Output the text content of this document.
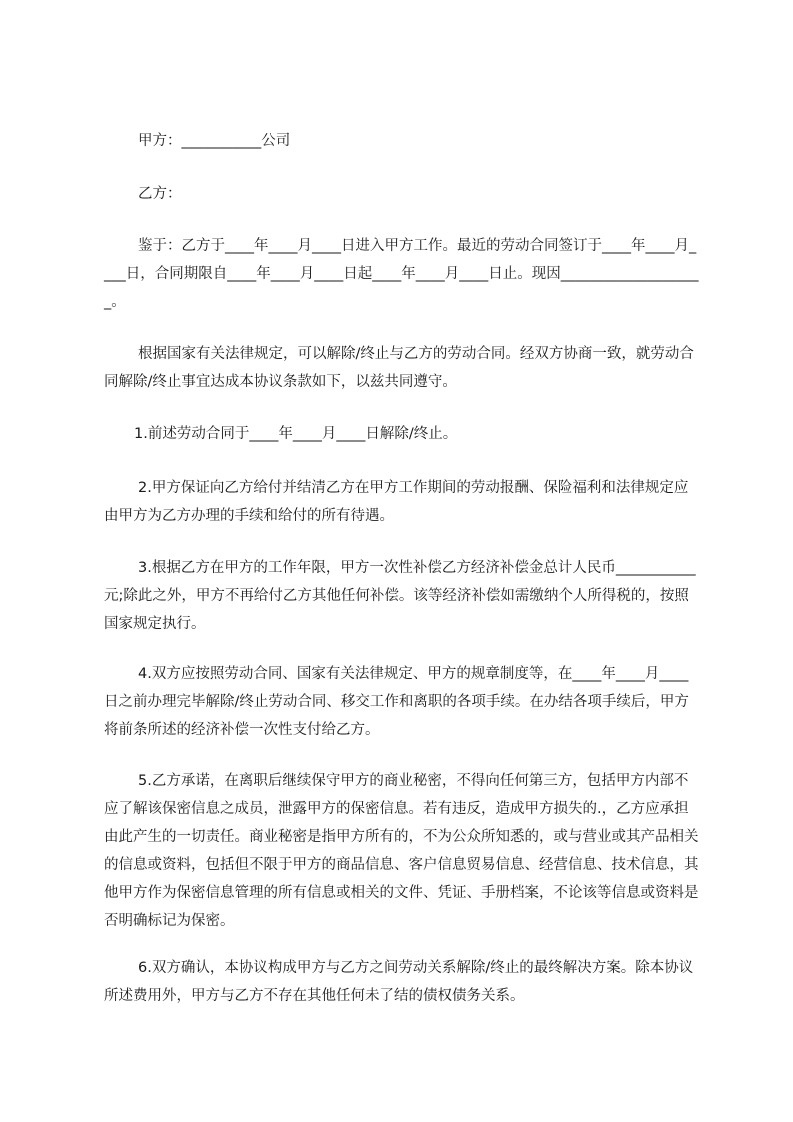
甲方：___________公司

乙方：

鉴于：乙方于____年____月____日进入甲方工作。最近的劳动合同签订于____年____月____日，合同期限自____年____月____日起____年____月____日止。现因____________________。

根据国家有关法律规定，可以解除/终止与乙方的劳动合同。经双方协商一致，就劳动合同解除/终止事宜达成本协议条款如下，以兹共同遵守。

1.前述劳动合同于____年____月____日解除/终止。

2.甲方保证向乙方给付并结清乙方在甲方工作期间的劳动报酬、保险福利和法律规定应由甲方为乙方办理的手续和给付的所有待遇。

3.根据乙方在甲方的工作年限，甲方一次性补偿乙方经济补偿金总计人民币___________元;除此之外，甲方不再给付乙方其他任何补偿。该等经济补偿如需缴纳个人所得税的，按照国家规定执行。

4.双方应按照劳动合同、国家有关法律规定、甲方的规章制度等，在____年____月____日之前办理完毕解除/终止劳动合同、移交工作和离职的各项手续。在办结各项手续后，甲方将前条所述的经济补偿一次性支付给乙方。

5.乙方承诺，在离职后继续保守甲方的商业秘密，不得向任何第三方，包括甲方内部不应了解该保密信息之成员，泄露甲方的保密信息。若有违反，造成甲方损失的.，乙方应承担由此产生的一切责任。商业秘密是指甲方所有的，不为公众所知悉的，或与营业或其产品相关的信息或资料，包括但不限于甲方的商品信息、客户信息贸易信息、经营信息、技术信息，其他甲方作为保密信息管理的所有信息或相关的文件、凭证、手册档案，不论该等信息或资料是否明确标记为保密。

6.双方确认，本协议构成甲方与乙方之间劳动关系解除/终止的最终解决方案。除本协议所述费用外，甲方与乙方不存在其他任何未了结的债权债务关系。
